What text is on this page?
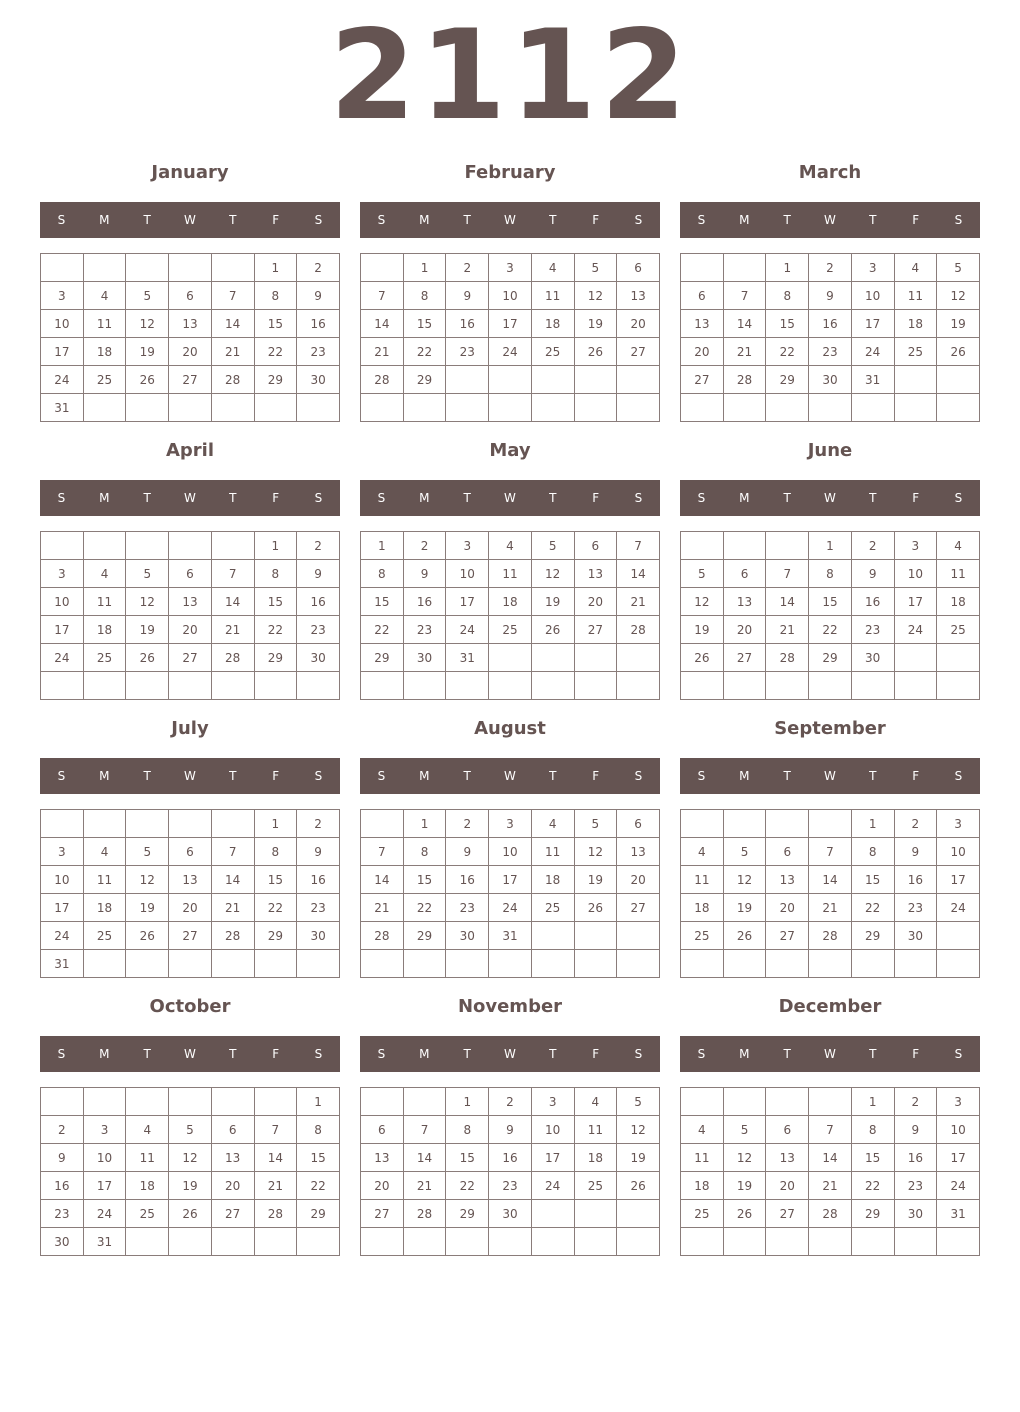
2112
January
S	M	T	W	T	F	S
					1	2
3	4	5	6	7	8	9
10	11	12	13	14	15	16
17	18	19	20	21	22	23
24	25	26	27	28	29	30
31						
February
S	M	T	W	T	F	S
	1	2	3	4	5	6
7	8	9	10	11	12	13
14	15	16	17	18	19	20
21	22	23	24	25	26	27
28	29					

March
S	M	T	W	T	F	S
		1	2	3	4	5
6	7	8	9	10	11	12
13	14	15	16	17	18	19
20	21	22	23	24	25	26
27	28	29	30	31		

April
S	M	T	W	T	F	S
					1	2
3	4	5	6	7	8	9
10	11	12	13	14	15	16
17	18	19	20	21	22	23
24	25	26	27	28	29	30

May
S	M	T	W	T	F	S
1	2	3	4	5	6	7
8	9	10	11	12	13	14
15	16	17	18	19	20	21
22	23	24	25	26	27	28
29	30	31				

June
S	M	T	W	T	F	S
			1	2	3	4
5	6	7	8	9	10	11
12	13	14	15	16	17	18
19	20	21	22	23	24	25
26	27	28	29	30		

July
S	M	T	W	T	F	S
					1	2
3	4	5	6	7	8	9
10	11	12	13	14	15	16
17	18	19	20	21	22	23
24	25	26	27	28	29	30
31						
August
S	M	T	W	T	F	S
	1	2	3	4	5	6
7	8	9	10	11	12	13
14	15	16	17	18	19	20
21	22	23	24	25	26	27
28	29	30	31			

September
S	M	T	W	T	F	S
				1	2	3
4	5	6	7	8	9	10
11	12	13	14	15	16	17
18	19	20	21	22	23	24
25	26	27	28	29	30	

October
S	M	T	W	T	F	S
						1
2	3	4	5	6	7	8
9	10	11	12	13	14	15
16	17	18	19	20	21	22
23	24	25	26	27	28	29
30	31					
November
S	M	T	W	T	F	S
		1	2	3	4	5
6	7	8	9	10	11	12
13	14	15	16	17	18	19
20	21	22	23	24	25	26
27	28	29	30			

December
S	M	T	W	T	F	S
				1	2	3
4	5	6	7	8	9	10
11	12	13	14	15	16	17
18	19	20	21	22	23	24
25	26	27	28	29	30	31
